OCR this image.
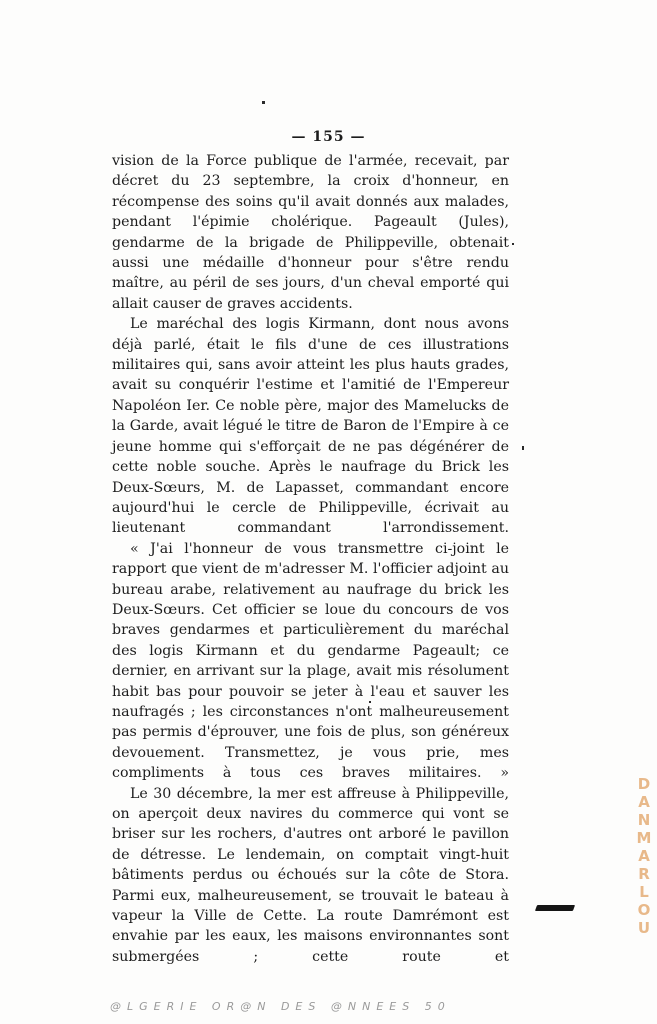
— 155 —

vision de la Force publique de l'armée, recevait, par décret du 23 septembre, la croix d'honneur, en récompense des soins qu'il avait donnés aux malades, pendant l'épimie cholérique. Pageault (Jules), gendarme de la brigade de Philippeville, obtenait aussi une médaille d'honneur pour s'être rendu maître, au péril de ses jours, d'un cheval emporté qui allait causer de graves accidents.

Le maréchal des logis Kirmann, dont nous avons déjà parlé, était le fils d'une de ces illustrations militaires qui, sans avoir atteint les plus hauts grades, avait su conquérir l'estime et l'amitié de l'Empereur Napoléon Ier. Ce noble père, major des Mamelucks de la Garde, avait légué le titre de Baron de l'Empire à ce jeune homme qui s'efforçait de ne pas dégénérer de cette noble souche. Après le naufrage du Brick les Deux-Sœurs, M. de Lapasset, commandant encore aujourd'hui le cercle de Philippeville, écrivait au lieutenant commandant l'arrondissement.

« J'ai l'honneur de vous transmettre ci-joint le rapport que vient de m'adresser M. l'officier adjoint au bureau arabe, relativement au naufrage du brick les Deux-Sœurs. Cet officier se loue du concours de vos braves gendarmes et particulièrement du maréchal des logis Kirmann et du gendarme Pageault; ce dernier, en arrivant sur la plage, avait mis résolument habit bas pour pouvoir se jeter à l'eau et sauver les naufragés ; les circonstances n'ont malheureusement pas permis d'éprouver, une fois de plus, son généreux devouement. Transmettez, je vous prie, mes compliments à tous ces braves militaires. »

Le 30 décembre, la mer est affreuse à Philippeville, on aperçoit deux navires du commerce qui vont se briser sur les rochers, d'autres ont arboré le pavillon de détresse. Le lendemain, on comptait vingt-huit bâtiments perdus ou échoués sur la côte de Stora. Parmi eux, malheureusement, se trouvait le bateau à vapeur la Ville de Cette. La route Damrémont est envahie par les eaux, les maisons environnantes sont submergées ; cette route et

DANMARLOU
@LGERIE OR@N DES @NNEES 50
